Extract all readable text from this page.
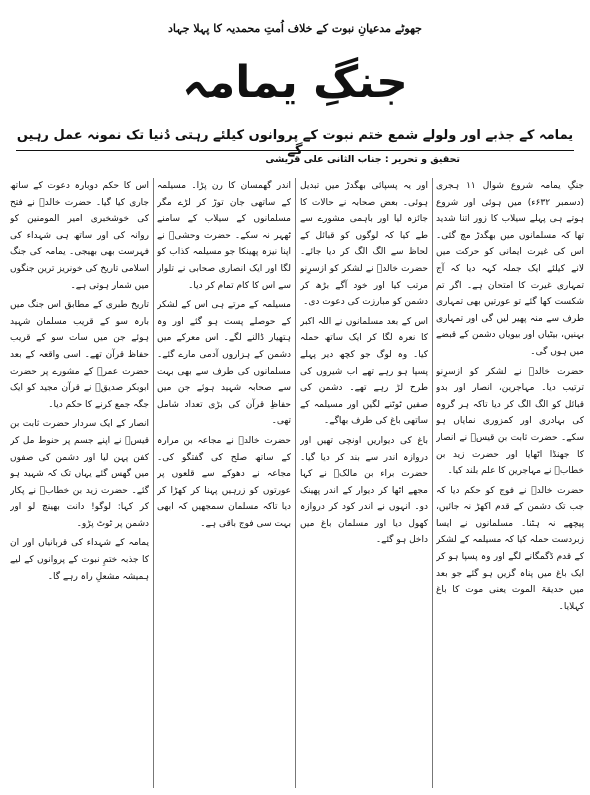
جھوٹے مدعیانِ نبوت کے خلاف اُمتِ محمدیہ کا پہلا جہاد
جنگِ یمامہ
یمامہ کے جذبے اور ولولے شمع ختم نبوت کے پروانوں کیلئے رہتی دُنیا تک نمونہ عمل رہیں گے
تحقیق و تحریر : جناب الثانی علی قریشی

جنگِ یمامہ شروع شوال ۱۱ ہجری (دسمبر ۶۳۲ء) میں ہوئی اور شروع ہوتے ہی پہلے سیلاب کا زور اتنا شدید تھا کہ مسلمانوں میں بھگدڑ مچ گئی۔ اس کی غیرت ایمانی کو حرکت میں لانے کیلئے ایک جملہ کہہ دیا کہ آج تمہاری غیرت کا امتحان ہے۔ اگر تم شکست کھا گئے تو عورتیں بھی تمہاری طرف سے منہ پھیر لیں گی اور تمہاری بہنیں، بیٹیاں اور بیویاں دشمن کے قبضے میں ہوں گی۔

حضرت خالدؓ نے لشکر کو ازسرِنو ترتیب دیا۔ مہاجرین، انصار اور بدو قبائل کو الگ الگ کر دیا تاکہ ہر گروہ کی بہادری اور کمزوری نمایاں ہو سکے۔ حضرت ثابت بن قیسؓ نے انصار کا جھنڈا اٹھایا اور حضرت زید بن خطابؓ نے مہاجرین کا علم بلند کیا۔

حضرت خالدؓ نے فوج کو حکم دیا کہ جب تک دشمن کے قدم اکھڑ نہ جائیں، پیچھے نہ ہٹنا۔ مسلمانوں نے ایسا زبردست حملہ کیا کہ مسیلمہ کے لشکر کے قدم ڈگمگانے لگے اور وہ پسپا ہو کر ایک باغ میں پناہ گزیں ہو گئے جو بعد میں حدیقۃ الموت یعنی موت کا باغ کہلایا۔

اور یہ پسپائی بھگدڑ میں تبدیل ہوئی۔ بعض صحابہ نے حالات کا جائزہ لیا اور باہمی مشورے سے طے کیا کہ لوگوں کو قبائل کے لحاظ سے الگ الگ کر دیا جائے۔ حضرت خالدؓ نے لشکر کو ازسرِنو مرتب کیا اور خود آگے بڑھ کر دشمن کو مبارزت کی دعوت دی۔

اس کے بعد مسلمانوں نے اللہ اکبر کا نعرہ لگا کر ایک ساتھ حملہ کیا۔ وہ لوگ جو کچھ دیر پہلے پسپا ہو رہے تھے اب شیروں کی طرح لڑ رہے تھے۔ دشمن کی صفیں ٹوٹنے لگیں اور مسیلمہ کے ساتھی باغ کی طرف بھاگے۔

باغ کی دیواریں اونچی تھیں اور دروازہ اندر سے بند کر دیا گیا۔ حضرت براء بن مالکؓ نے کہا مجھے اٹھا کر دیوار کے اندر پھینک دو۔ انہوں نے اندر کود کر دروازہ کھول دیا اور مسلمان باغ میں داخل ہو گئے۔

اندر گھمسان کا رن پڑا۔ مسیلمہ کے ساتھی جان توڑ کر لڑے مگر مسلمانوں کے سیلاب کے سامنے ٹھہر نہ سکے۔ حضرت وحشیؓ نے اپنا نیزہ پھینکا جو مسیلمہ کذاب کو لگا اور ایک انصاری صحابی نے تلوار سے اس کا کام تمام کر دیا۔

مسیلمہ کے مرتے ہی اس کے لشکر کے حوصلے پست ہو گئے اور وہ ہتھیار ڈالنے لگے۔ اس معرکے میں دشمن کے ہزاروں آدمی مارے گئے۔ مسلمانوں کی طرف سے بھی بہت سے صحابہ شہید ہوئے جن میں حفاظِ قرآن کی بڑی تعداد شامل تھی۔

حضرت خالدؓ نے مجاعہ بن مرارہ کے ساتھ صلح کی گفتگو کی۔ مجاعہ نے دھوکے سے قلعوں پر عورتوں کو زرہیں پہنا کر کھڑا کر دیا تاکہ مسلمان سمجھیں کہ ابھی بہت سی فوج باقی ہے۔

اس کا حکم دوبارہ دعوت کے ساتھ جاری کیا گیا۔ حضرت خالدؓ نے فتح کی خوشخبری امیر المومنین کو روانہ کی اور ساتھ ہی شہداء کی فہرست بھی بھیجی۔ یمامہ کی جنگ اسلامی تاریخ کی خونریز ترین جنگوں میں شمار ہوتی ہے۔

تاریخ طبری کے مطابق اس جنگ میں بارہ سو کے قریب مسلمان شہید ہوئے جن میں سات سو کے قریب حفاظ قرآن تھے۔ اسی واقعہ کے بعد حضرت عمرؓ کے مشورے پر حضرت ابوبکر صدیقؓ نے قرآن مجید کو ایک جگہ جمع کرنے کا حکم دیا۔

انصار کے ایک سردار حضرت ثابت بن قیسؓ نے اپنے جسم پر حنوط مل کر کفن پہن لیا اور دشمن کی صفوں میں گھس گئے یہاں تک کہ شہید ہو گئے۔ حضرت زید بن خطابؓ نے پکار کر کہا: لوگو! دانت بھینچ لو اور دشمن پر ٹوٹ پڑو۔

یمامہ کے شہداء کی قربانیاں اور ان کا جذبہ ختمِ نبوت کے پروانوں کے لیے ہمیشہ مشعلِ راہ رہے گا۔
